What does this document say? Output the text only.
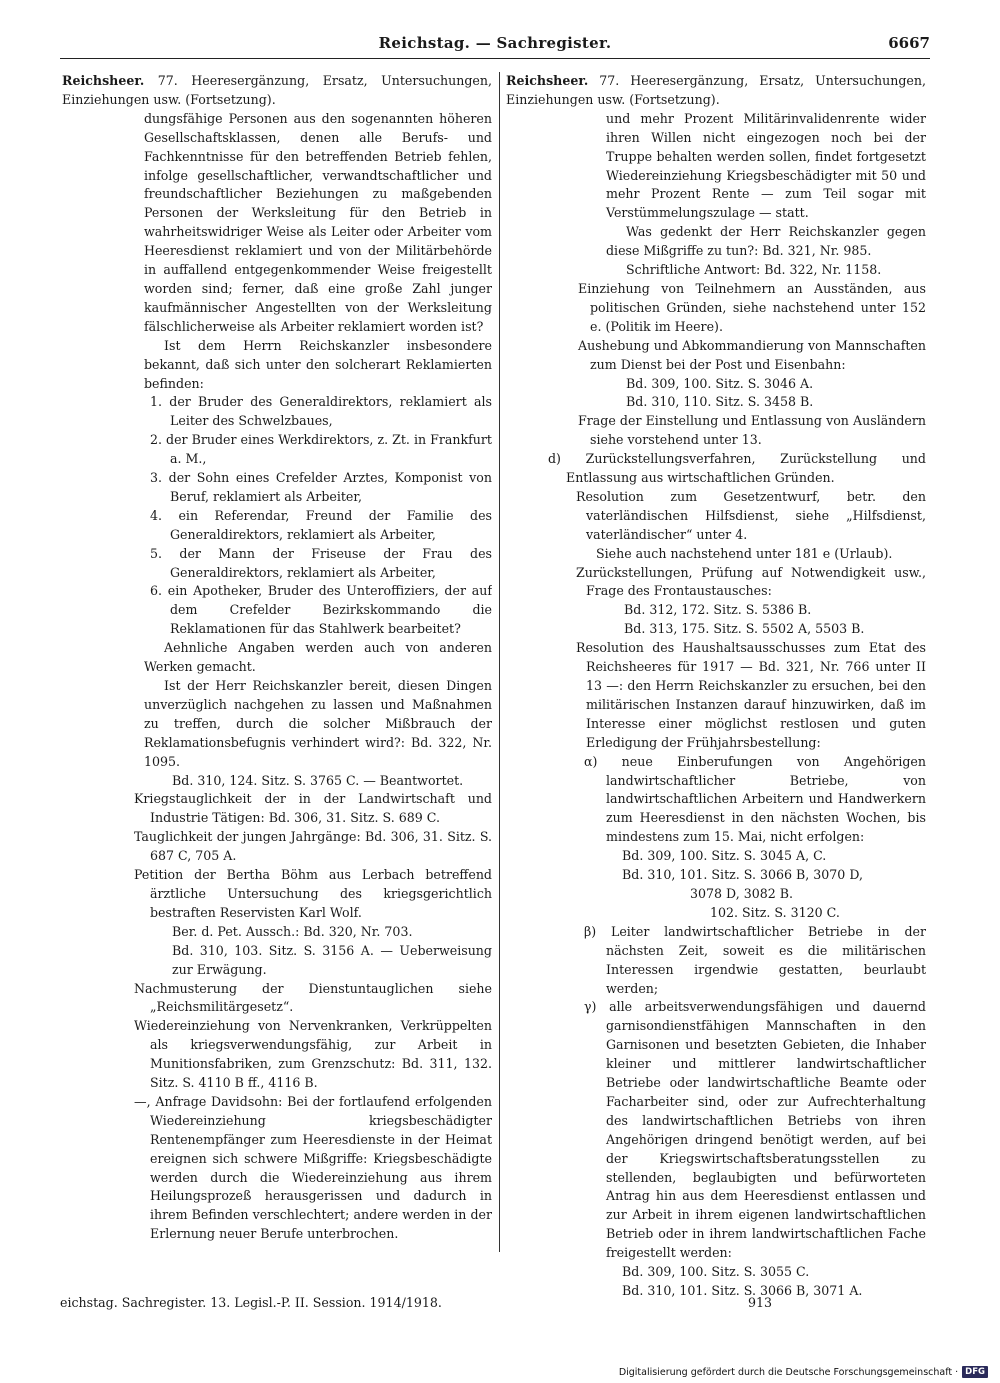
Reichstag. — Sachregister.	6667

Reichsheer. 77. Heeresergänzung, Ersatz, Untersuchungen, Einziehungen usw. (Fortsetzung).

dungsfähige Personen aus den sogenannten höheren Gesellschaftsklassen, denen alle Berufs- und Fachkenntnisse für den betreffenden Betrieb fehlen, infolge gesellschaftlicher, verwandtschaftlicher und freundschaftlicher Beziehungen zu maßgebenden Personen der Werksleitung für den Betrieb in wahrheitswidriger Weise als Leiter oder Arbeiter vom Heeresdienst reklamiert und von der Militärbehörde in auffallend entgegenkommender Weise freigestellt worden sind; ferner, daß eine große Zahl junger kaufmännischer Angestellten von der Werksleitung fälschlicherweise als Arbeiter reklamiert worden ist?

Ist dem Herrn Reichskanzler insbesondere bekannt, daß sich unter den solcherart Reklamierten befinden:

1. der Bruder des Generaldirektors, reklamiert als Leiter des Schwelzbaues,

2. der Bruder eines Werkdirektors, z. Zt. in Frankfurt a. M.,

3. der Sohn eines Crefelder Arztes, Komponist von Beruf, reklamiert als Arbeiter,

4. ein Referendar, Freund der Familie des Generaldirektors, reklamiert als Arbeiter,

5. der Mann der Friseuse der Frau des Generaldirektors, reklamiert als Arbeiter,

6. ein Apotheker, Bruder des Unteroffiziers, der auf dem Crefelder Bezirkskommando die Reklamationen für das Stahlwerk bearbeitet?

Aehnliche Angaben werden auch von anderen Werken gemacht.

Ist der Herr Reichskanzler bereit, diesen Dingen unverzüglich nachgehen zu lassen und Maßnahmen zu treffen, durch die solcher Mißbrauch der Reklamationsbefugnis verhindert wird?: Bd. 322, Nr. 1095.

Bd. 310, 124. Sitz. S. 3765 C. — Beantwortet.

Kriegstauglichkeit der in der Landwirtschaft und Industrie Tätigen: Bd. 306, 31. Sitz. S. 689 C.

Tauglichkeit der jungen Jahrgänge: Bd. 306, 31. Sitz. S. 687 C, 705 A.

Petition der Bertha Böhm aus Lerbach betreffend ärztliche Untersuchung des kriegsgerichtlich bestraften Reservisten Karl Wolf.

Ber. d. Pet. Aussch.: Bd. 320, Nr. 703.

Bd. 310, 103. Sitz. S. 3156 A. — Ueberweisung zur Erwägung.

Nachmusterung der Dienstuntauglichen siehe „Reichsmilitärgesetz“.

Wiedereinziehung von Nervenkranken, Verkrüppelten als kriegsverwendungsfähig, zur Arbeit in Munitionsfabriken, zum Grenzschutz: Bd. 311, 132. Sitz. S. 4110 B ff., 4116 B.

—, Anfrage Davidsohn: Bei der fortlaufend erfolgenden Wiedereinziehung kriegsbeschädigter Rentenempfänger zum Heeresdienste in der Heimat ereignen sich schwere Mißgriffe: Kriegsbeschädigte werden durch die Wiedereinziehung aus ihrem Heilungsprozeß herausgerissen und dadurch in ihrem Befinden verschlechtert; andere werden in der Erlernung neuer Berufe unterbrochen.

Reichsheer. 77. Heeresergänzung, Ersatz, Untersuchungen, Einziehungen usw. (Fortsetzung).

und mehr Prozent Militärinvalidenrente wider ihren Willen nicht eingezogen noch bei der Truppe behalten werden sollen, findet fortgesetzt Wiedereinziehung Kriegsbeschädigter mit 50 und mehr Prozent Rente — zum Teil sogar mit Verstümmelungszulage — statt.

Was gedenkt der Herr Reichskanzler gegen diese Mißgriffe zu tun?: Bd. 321, Nr. 985.

Schriftliche Antwort: Bd. 322, Nr. 1158.

Einziehung von Teilnehmern an Ausständen, aus politischen Gründen, siehe nachstehend unter 152 e. (Politik im Heere).

Aushebung und Abkommandierung von Mannschaften zum Dienst bei der Post und Eisenbahn:

Bd. 309, 100. Sitz. S. 3046 A.

Bd. 310, 110. Sitz. S. 3458 B.

Frage der Einstellung und Entlassung von Ausländern siehe vorstehend unter 13.

d) Zurückstellungsverfahren, Zurückstellung und Entlassung aus wirtschaftlichen Gründen.

Resolution zum Gesetzentwurf, betr. den vaterländischen Hilfsdienst, siehe „Hilfsdienst, vaterländischer“ unter 4.

Siehe auch nachstehend unter 181 e (Urlaub).

Zurückstellungen, Prüfung auf Notwendigkeit usw., Frage des Frontaustausches:

Bd. 312, 172. Sitz. S. 5386 B.

Bd. 313, 175. Sitz. S. 5502 A, 5503 B.

Resolution des Haushaltsausschusses zum Etat des Reichsheeres für 1917 — Bd. 321, Nr. 766 unter II 13 —: den Herrn Reichskanzler zu ersuchen, bei den militärischen Instanzen darauf hinzuwirken, daß im Interesse einer möglichst restlosen und guten Erledigung der Frühjahrsbestellung:

α) neue Einberufungen von Angehörigen landwirtschaftlicher Betriebe, von landwirtschaftlichen Arbeitern und Handwerkern zum Heeresdienst in den nächsten Wochen, bis mindestens zum 15. Mai, nicht erfolgen:

Bd. 309, 100. Sitz. S. 3045 A, C.

Bd. 310, 101. Sitz. S. 3066 B, 3070 D,

3078 D, 3082 B.

102. Sitz. S. 3120 C.

β) Leiter landwirtschaftlicher Betriebe in der nächsten Zeit, soweit es die militärischen Interessen irgendwie gestatten, beurlaubt werden;

γ) alle arbeitsverwendungsfähigen und dauernd garnisondienstfähigen Mannschaften in den Garnisonen und besetzten Gebieten, die Inhaber kleiner und mittlerer landwirtschaftlicher Betriebe oder landwirtschaftliche Beamte oder Facharbeiter sind, oder zur Aufrechterhaltung des landwirtschaftlichen Betriebs von ihren Angehörigen dringend benötigt werden, auf bei der Kriegswirtschaftsberatungsstellen zu stellenden, beglaubigten und befürworteten Antrag hin aus dem Heeresdienst entlassen und zur Arbeit in ihrem eigenen landwirtschaftlichen Betrieb oder in ihrem landwirtschaftlichen Fache freigestellt werden:

Bd. 309, 100. Sitz. S. 3055 C.

Bd. 310, 101. Sitz. S. 3066 B, 3071 A.

eichstag. Sachregister. 13. Legisl.-P. II. Session. 1914/1918.	913
Digitalisierung gefördert durch die Deutsche Forschungsgemeinschaft · DFG
